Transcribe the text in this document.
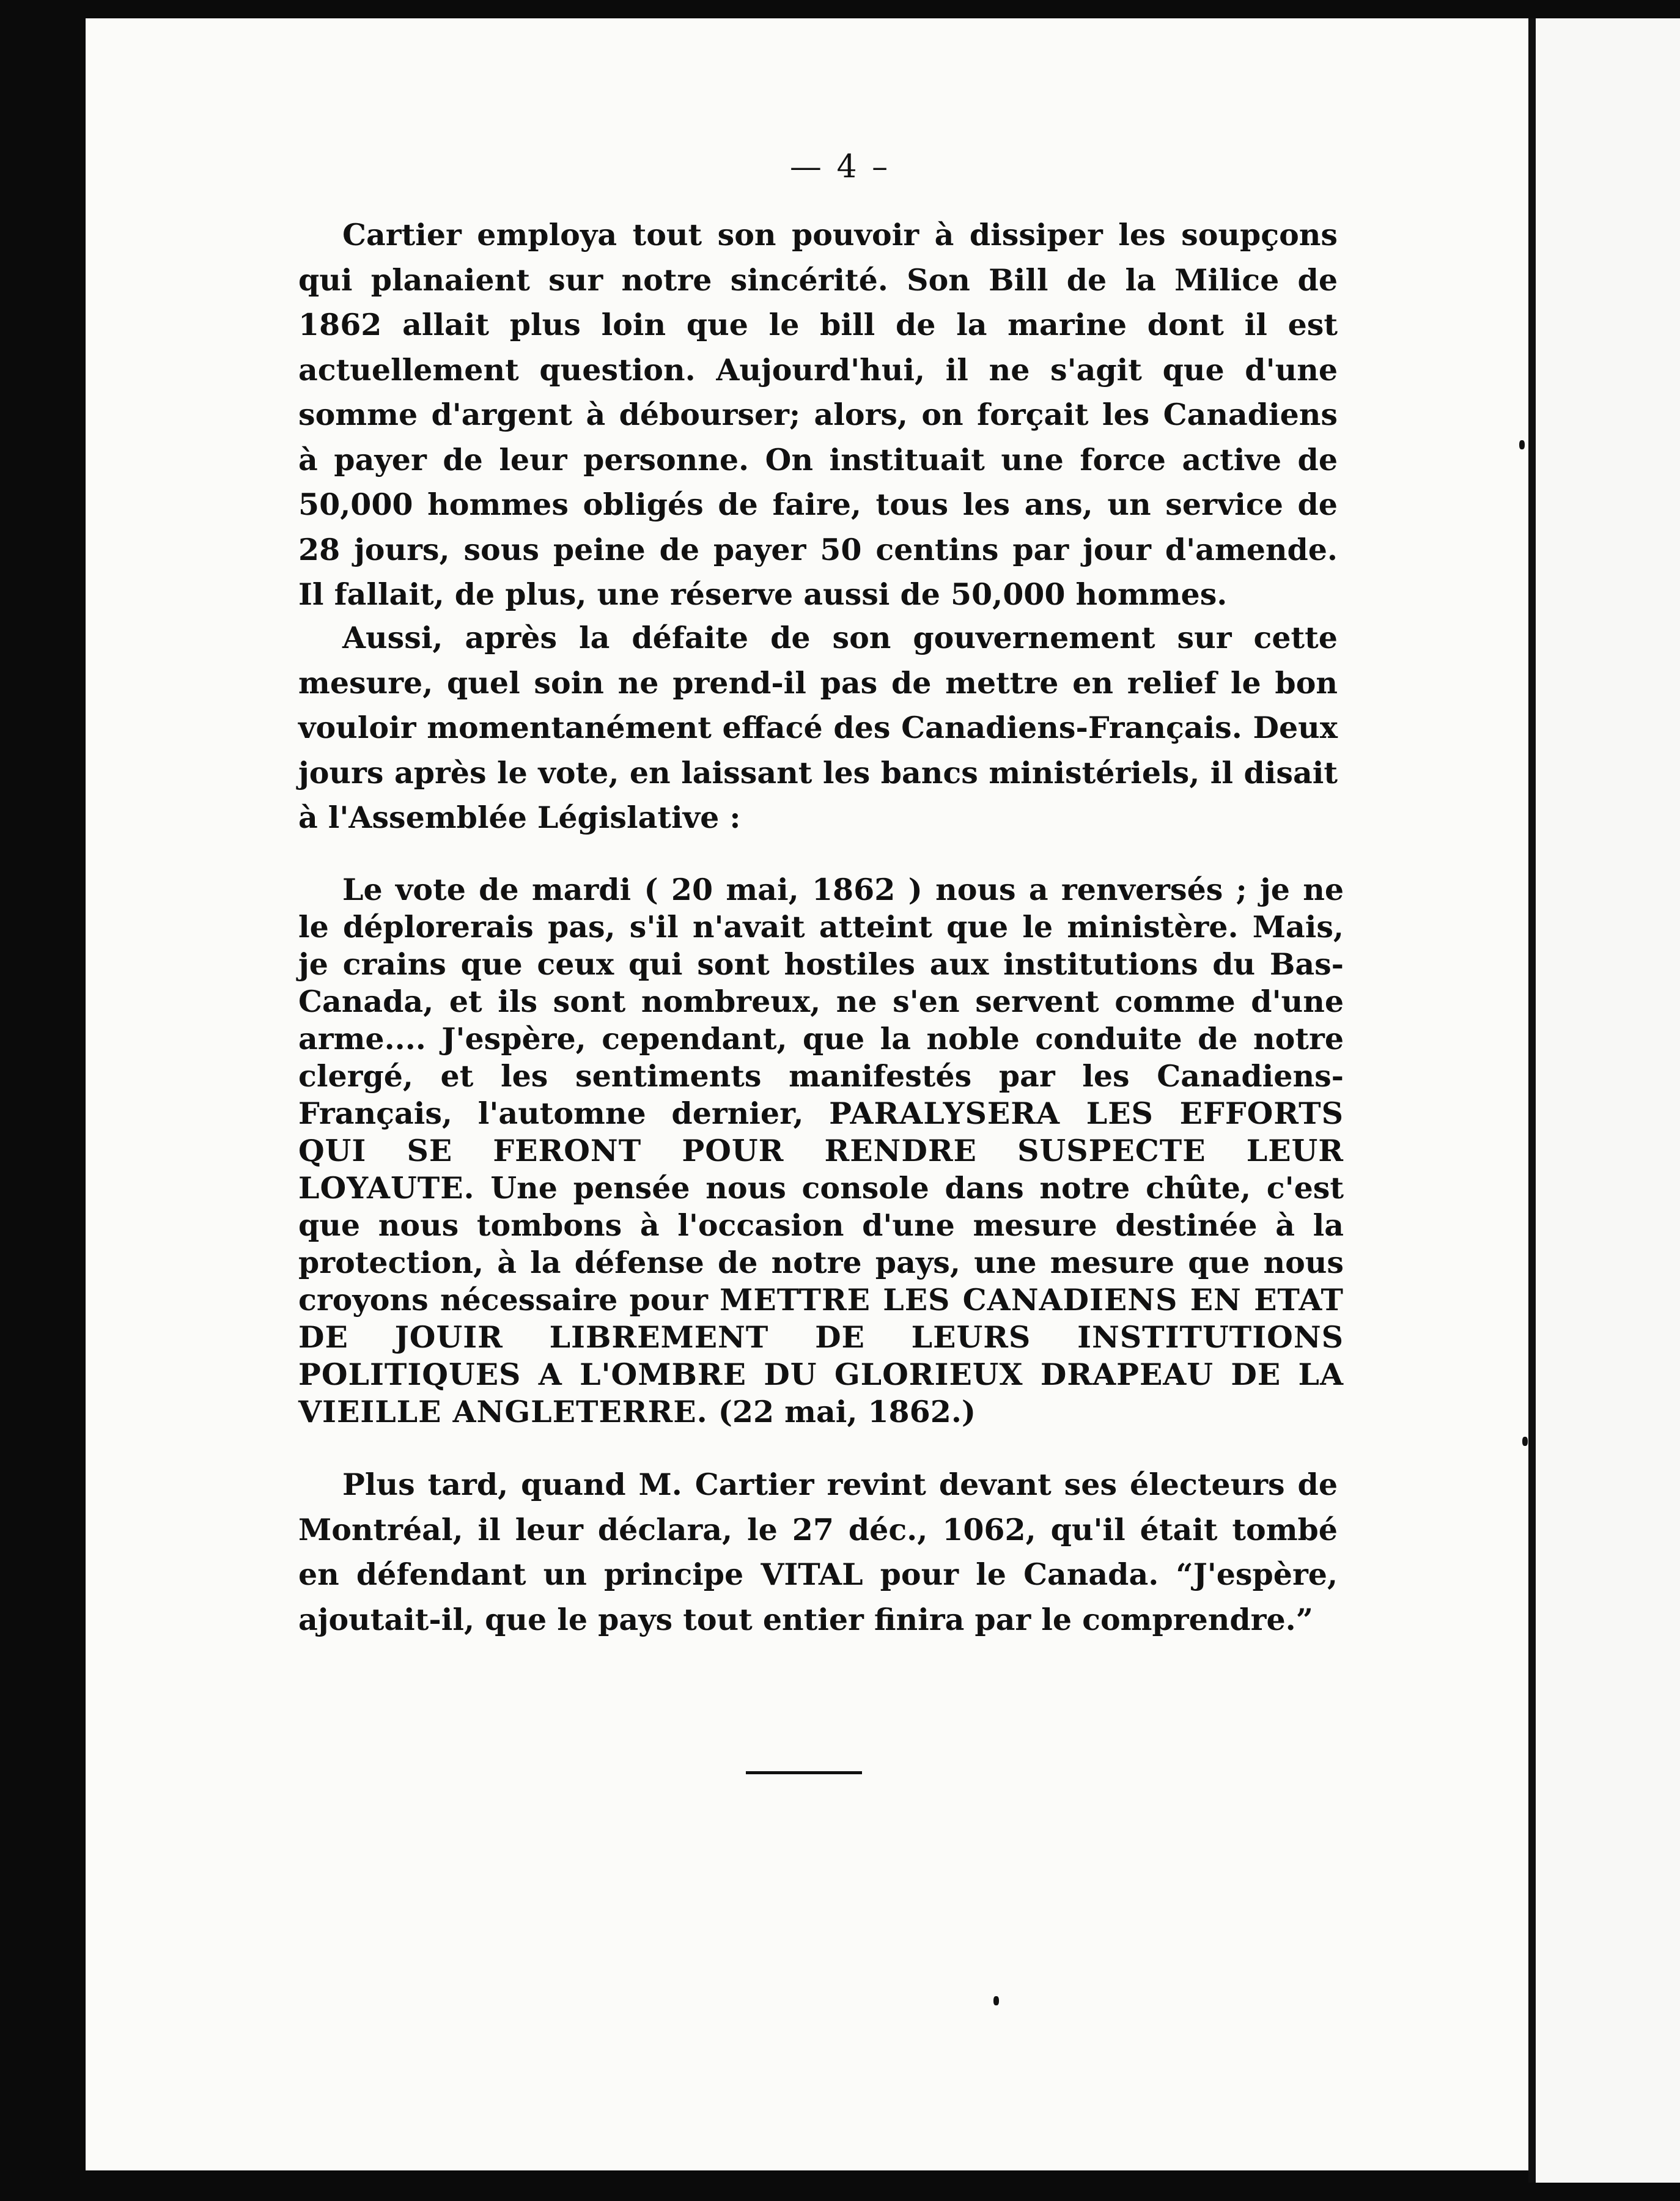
— 4 –

Cartier employa tout son pouvoir à dissiper les soupçons qui planaient sur notre sincérité. Son Bill de la Milice de 1862 allait plus loin que le bill de la marine dont il est actuellement question. Aujourd'hui, il ne s'agit que d'une somme d'argent à débourser; alors, on forçait les Canadiens à payer de leur personne. On instituait une force active de 50,000 hommes obligés de faire, tous les ans, un service de 28 jours, sous peine de payer 50 centins par jour d'amende. Il fallait, de plus, une réserve aussi de 50,000 hommes.

Aussi, après la défaite de son gouvernement sur cette mesure, quel soin ne prend-il pas de mettre en relief le bon vouloir momentanément effacé des Canadiens-Français. Deux jours après le vote, en laissant les bancs ministériels, il disait à l'Assemblée Législative :

Le vote de mardi ( 20 mai, 1862 ) nous a renversés ; je ne le déplorerais pas, s'il n'avait atteint que le ministère. Mais, je crains que ceux qui sont hostiles aux institutions du Bas-Canada, et ils sont nombreux, ne s'en servent comme d'une arme.... J'espère, cependant, que la noble conduite de notre clergé, et les sentiments manifestés par les Canadiens-Français, l'automne dernier, PARALYSERA LES EFFORTS QUI SE FERONT POUR RENDRE SUSPECTE LEUR LOYAUTE. Une pensée nous console dans notre chûte, c'est que nous tombons à l'occasion d'une mesure destinée à la protection, à la défense de notre pays, une mesure que nous croyons nécessaire pour METTRE LES CANADIENS EN ETAT DE JOUIR LIBREMENT DE LEURS INSTITUTIONS POLITIQUES A L'OMBRE DU GLORIEUX DRAPEAU DE LA VIEILLE ANGLETERRE. (22 mai, 1862.)

Plus tard, quand M. Cartier revint devant ses électeurs de Montréal, il leur déclara, le 27 déc., 1062, qu'il était tombé en défendant un principe VITAL pour le Canada. “J'espère, ajoutait-il, que le pays tout entier finira par le comprendre.”
